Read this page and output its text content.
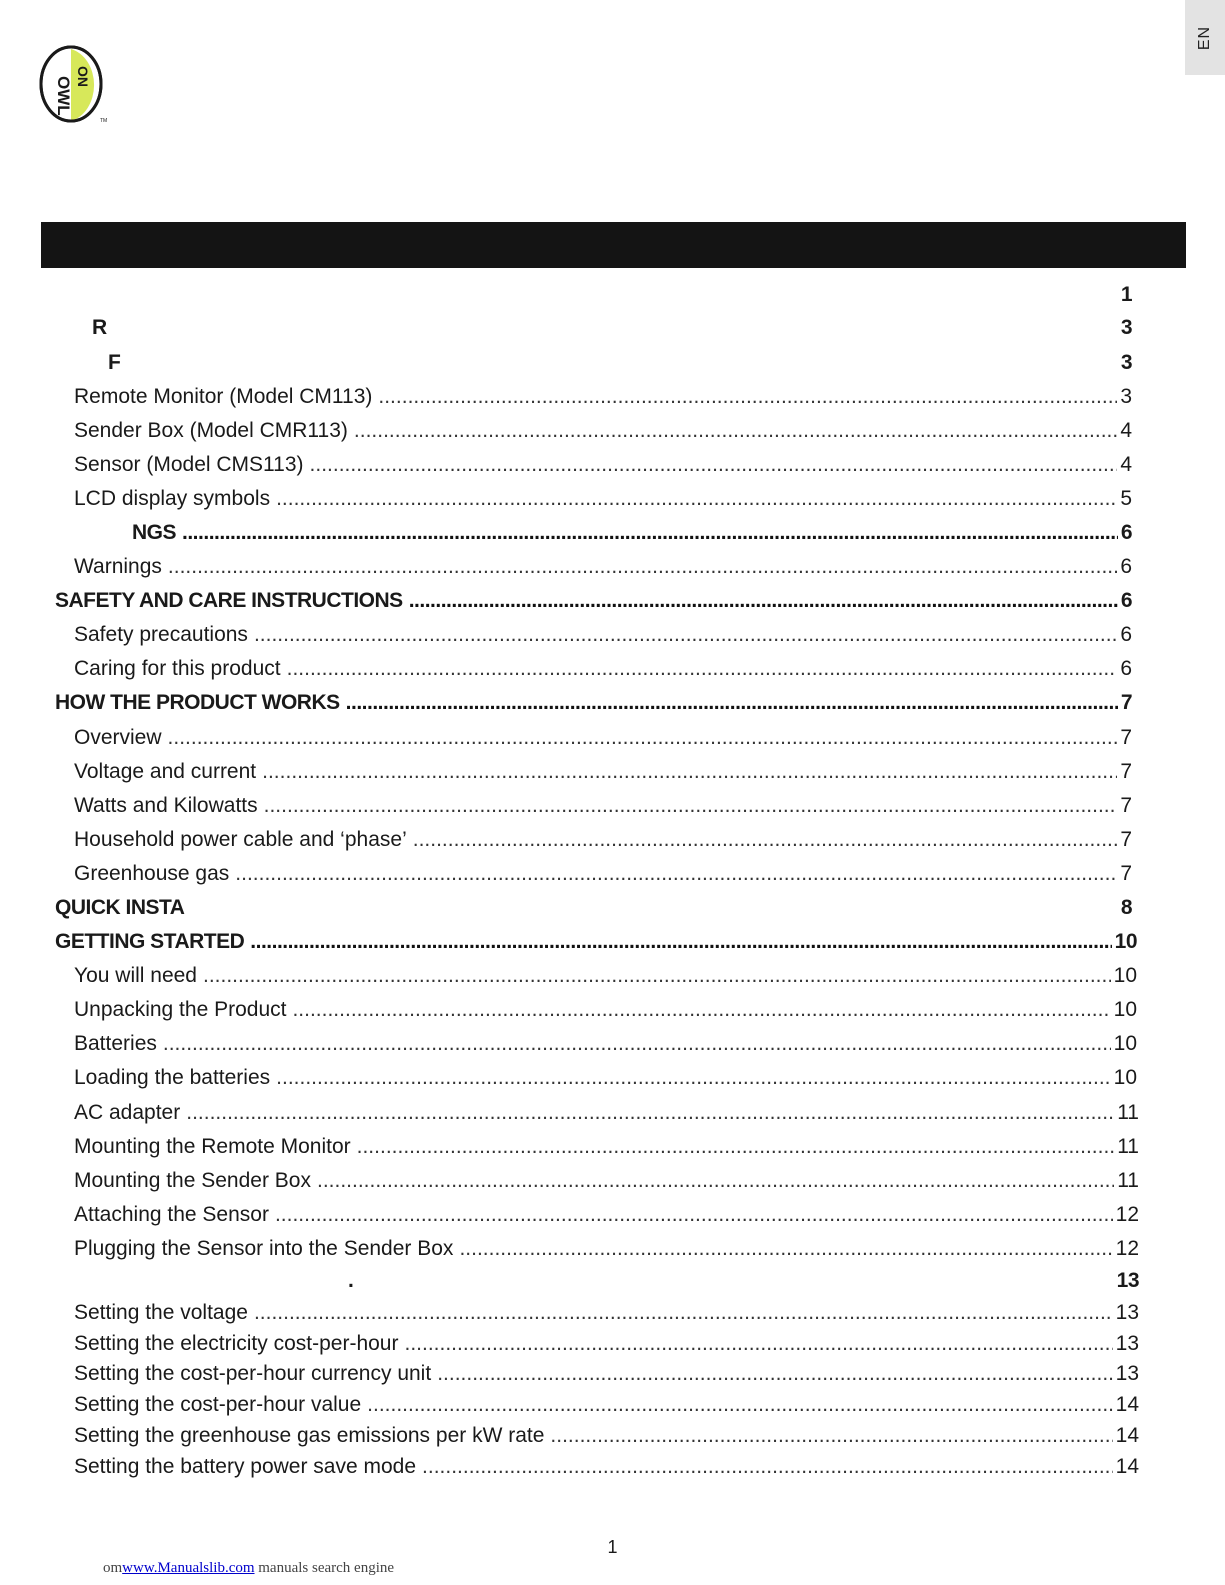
OWL ON
TM
EN
1
R	3
F	3
Remote Monitor (Model CM113) .....	3
Sender Box (Model CMR113) .....	4
Sensor (Model CMS113) .....	4
LCD display symbols .....	5
NGS .....	6
Warnings .....	6
SAFETY AND CARE INSTRUCTIONS .....	6
Safety precautions .....	6
Caring for this product .....	6
HOW THE PRODUCT WORKS .....	7
Overview .....	7
Voltage and current .....	7
Watts and Kilowatts .....	7
Household power cable and ‘phase’ .....	7
Greenhouse gas .....	7
QUICK INSTA	8
GETTING STARTED .....	10
You will need .....	10
Unpacking the Product .....	10
Batteries .....	10
Loading the batteries .....	10
AC adapter .....	11
Mounting the Remote Monitor .....	11
Mounting the Sender Box .....	11
Attaching the Sensor .....	12
Plugging the Sensor into the Sender Box .....	12
.	13
Setting the voltage .....	13
Setting the electricity cost-per-hour .....	13
Setting the cost-per-hour currency unit .....	13
Setting the cost-per-hour value .....	14
Setting the greenhouse gas emissions per kW rate .....	14
Setting the battery power save mode .....	14
1
omwww.Manualslib.com manuals search engine
